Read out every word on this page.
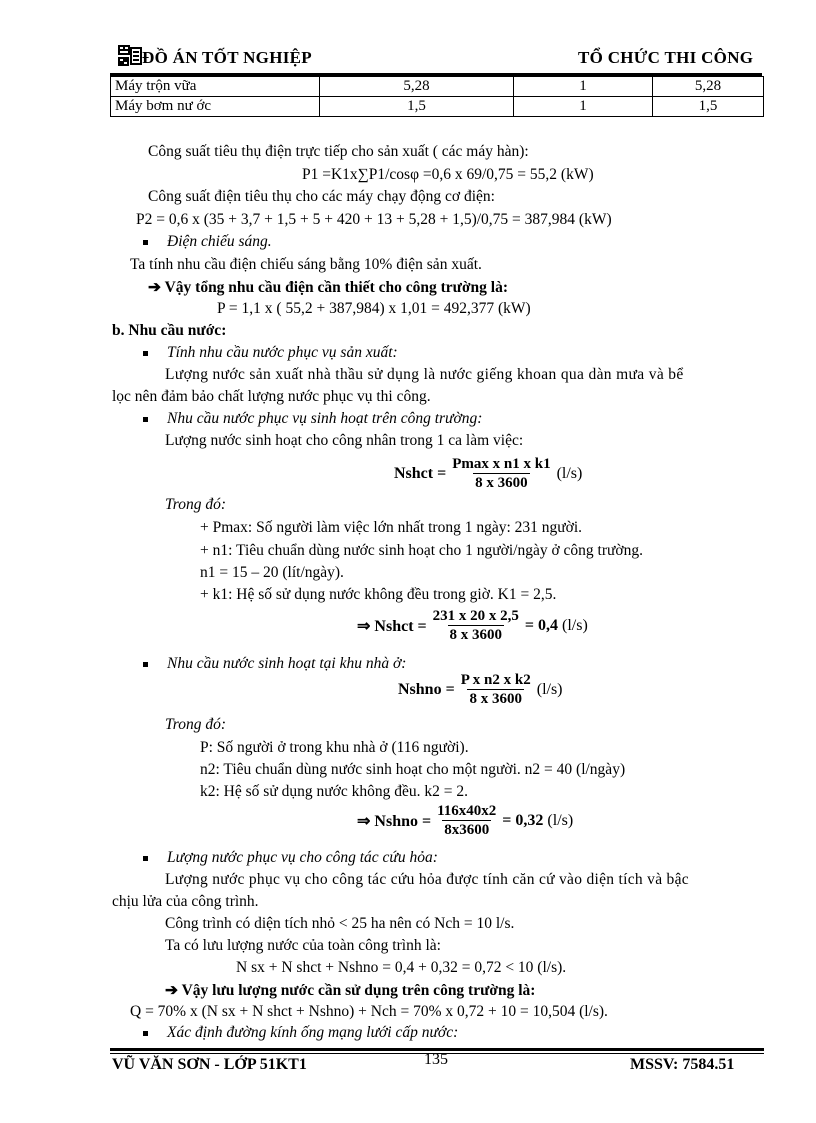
ĐỒ ÁN TỐT NGHIỆP	TỔ CHỨC THI CÔNG
Máy trộn vữa	5,28	1	5,28
Máy bơm nư ớc	1,5	1	1,5
Công suất tiêu thụ điện trực tiếp cho sản xuất ( các máy hàn):
P1 =K1x∑P1/cosφ =0,6 x 69/0,75 = 55,2 (kW)
Công suất điện tiêu thụ cho các máy chạy động cơ điện:
P2 = 0,6 x (35 + 3,7 + 1,5 + 5 + 420 + 13 + 5,28 + 1,5)/0,75 = 387,984 (kW)
Điện chiếu sáng.
Ta tính nhu cầu điện chiếu sáng bằng 10% điện sản xuất.
➔ Vậy tổng nhu cầu điện cần thiết cho công trường là:
P = 1,1 x ( 55,2 + 387,984) x 1,01 = 492,377 (kW)
b. Nhu cầu nước:
Tính nhu cầu nước phục vụ sản xuất:
Lượng nước sản xuất nhà thầu sử dụng là nước giếng khoan qua dàn mưa và bể
lọc nên đảm bảo chất lượng nước phục vụ thi công.
Nhu cầu nước phục vụ sinh hoạt trên công trường:
Lượng nước sinh hoạt cho công nhân trong 1 ca làm việc:
Nshct = $\frac{\text{Pmax x n1 x k1}}{8 x 3600} (l/s)$
Trong đó:
+ Pmax: Số người làm việc lớn nhất trong 1 ngày: 231 người.
+ n1: Tiêu chuẩn dùng nước sinh hoạt cho 1 người/ngày ở công trường.
n1 = 15 – 20 (lít/ngày).
+ k1: Hệ số sử dụng nước không đều trong giờ. K1 = 2,5.
⇒ Nshct = $\frac{231 x 20 x 2,5}{8 x 3600} = 0,4$ (l/s)
Nhu cầu nước sinh hoạt tại khu nhà ở:
Nshno = $\frac{\text{P x n2 x k2}}{8 x 3600} (l/s)$
Trong đó:
P: Số người ở trong khu nhà ở (116 người).
n2: Tiêu chuẩn dùng nước sinh hoạt cho một người. n2 = 40 (l/ngày)
k2: Hệ số sử dụng nước không đều. k2 = 2.
⇒ Nshno = $\frac{116x40x2}{8x3600} = 0,32$ (l/s)
Lượng nước phục vụ cho công tác cứu hỏa:
Lượng nước phục vụ cho công tác cứu hỏa được tính căn cứ vào diện tích và bậc
chịu lửa của công trình.
Công trình có diện tích nhỏ < 25 ha nên có Nch = 10 l/s.
Ta có lưu lượng nước của toàn công trình là:
N sx + N shct + Nshno = 0,4 + 0,32 = 0,72 < 10 (l/s).
➔ Vậy lưu lượng nước cần sử dụng trên công trường là:
Q = 70% x (N sx + N shct + Nshno) + Nch = 70% x 0,72 + 10 = 10,504 (l/s).
Xác định đường kính ống mạng lưới cấp nước:
VŨ VĂN SƠN - LỚP 51KT1	135	MSSV: 7584.51
